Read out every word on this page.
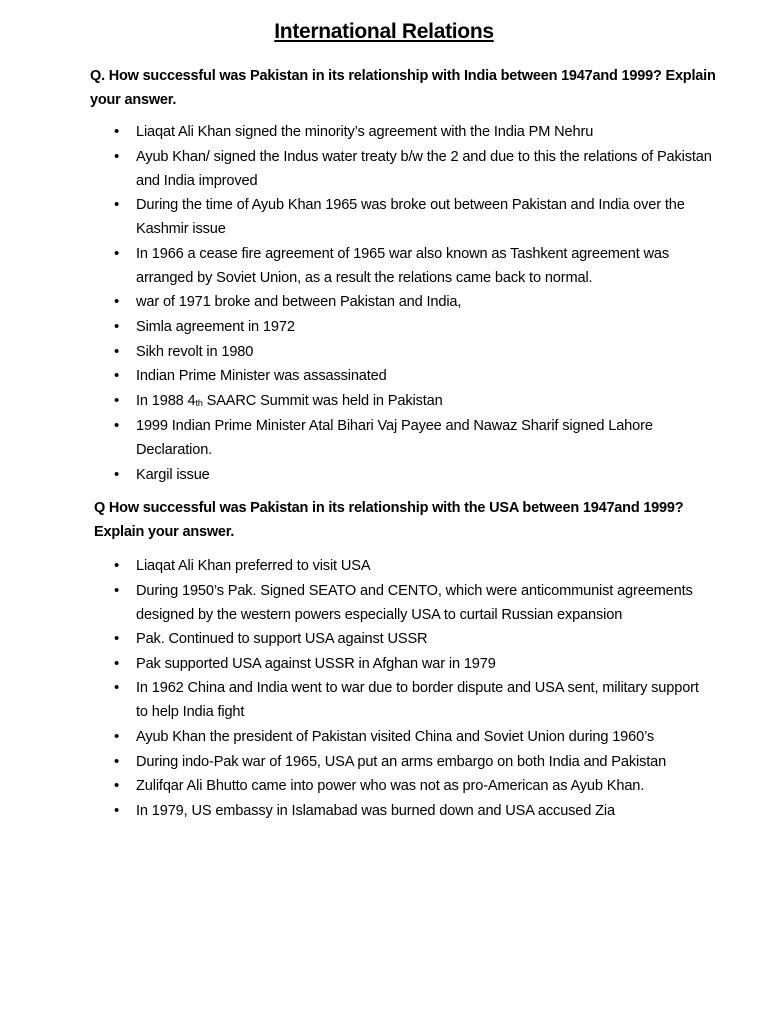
International Relations
Q. How successful was Pakistan in its relationship with India between 1947and 1999? Explain your answer.
• Liaqat Ali Khan signed the minority’s agreement with the India PM Nehru
• Ayub Khan/ signed the Indus water treaty b/w the 2 and due to this the relations of Pakistan and India improved
• During the time of Ayub Khan 1965 was broke out between Pakistan and India over the Kashmir issue
• In 1966 a cease fire agreement of 1965 war also known as Tashkent agreement was arranged by Soviet Union, as a result the relations came back to normal.
• war of 1971 broke and between Pakistan and India,
• Simla agreement in 1972
• Sikh revolt in 1980
• Indian Prime Minister was assassinated
• In 1988 4th SAARC Summit was held in Pakistan
• 1999 Indian Prime Minister Atal Bihari Vaj Payee and Nawaz Sharif signed Lahore Declaration.
• Kargil issue
Q How successful was Pakistan in its relationship with the USA between 1947and 1999? Explain your answer.
• Liaqat Ali Khan preferred to visit USA
• During 1950’s Pak. Signed SEATO and CENTO, which were anticommunist agreements designed by the western powers especially USA to curtail Russian expansion
• Pak. Continued to support USA against USSR
• Pak supported USA against USSR in Afghan war in 1979
• In 1962 China and India went to war due to border dispute and USA sent, military support to help India fight
• Ayub Khan the president of Pakistan visited China and Soviet Union during 1960’s
• During indo-Pak war of 1965, USA put an arms embargo on both India and Pakistan
• Zulifqar Ali Bhutto came into power who was not as pro-American as Ayub Khan.
• In 1979, US embassy in Islamabad was burned down and USA accused Zia
